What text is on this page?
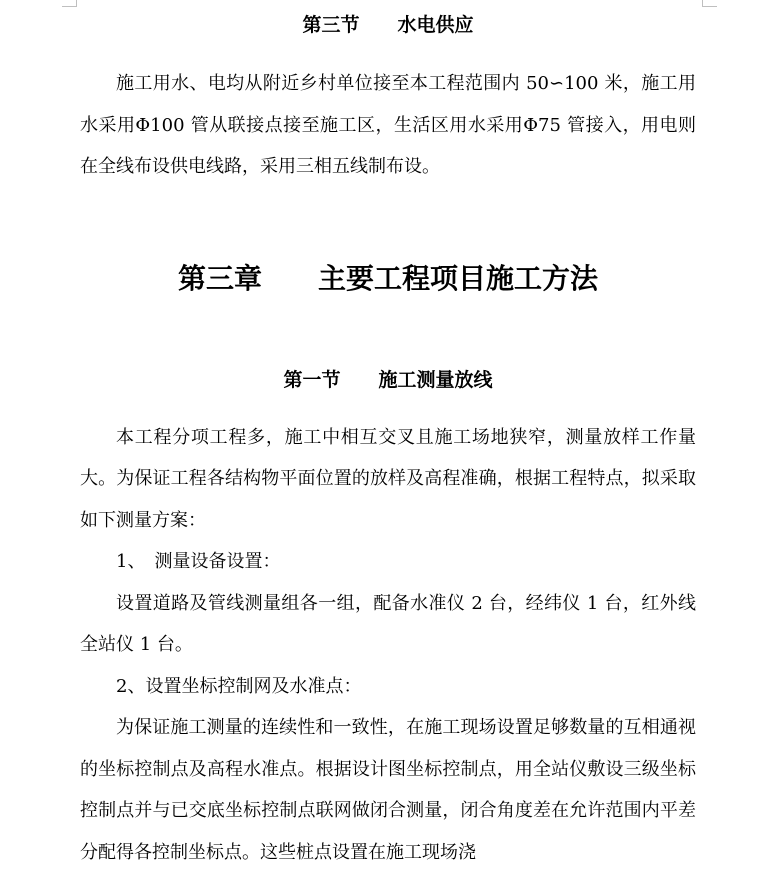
第三节　　水电供应

施工用水、电均从附近乡村单位接至本工程范围内 50∽100 米，施工用水采用Φ100 管从联接点接至施工区，生活区用水采用Φ75 管接入，用电则在全线布设供电线路，采用三相五线制布设。

第三章　　主要工程项目施工方法
第一节　　施工测量放线

本工程分项工程多，施工中相互交叉且施工场地狭窄，测量放样工作量大。为保证工程各结构物平面位置的放样及高程准确，根据工程特点，拟采取如下测量方案：

1、　测量设备设置：

设置道路及管线测量组各一组，配备水准仪 2 台，经纬仪 1 台，红外线全站仪 1 台。

2、设置坐标控制网及水准点：

为保证施工测量的连续性和一致性，在施工现场设置足够数量的互相通视的坐标控制点及高程水准点。根据设计图坐标控制点，用全站仪敷设三级坐标控制点并与已交底坐标控制点联网做闭合测量，闭合角度差在允许范围内平差分配得各控制坐标点。这些桩点设置在施工现场浇
